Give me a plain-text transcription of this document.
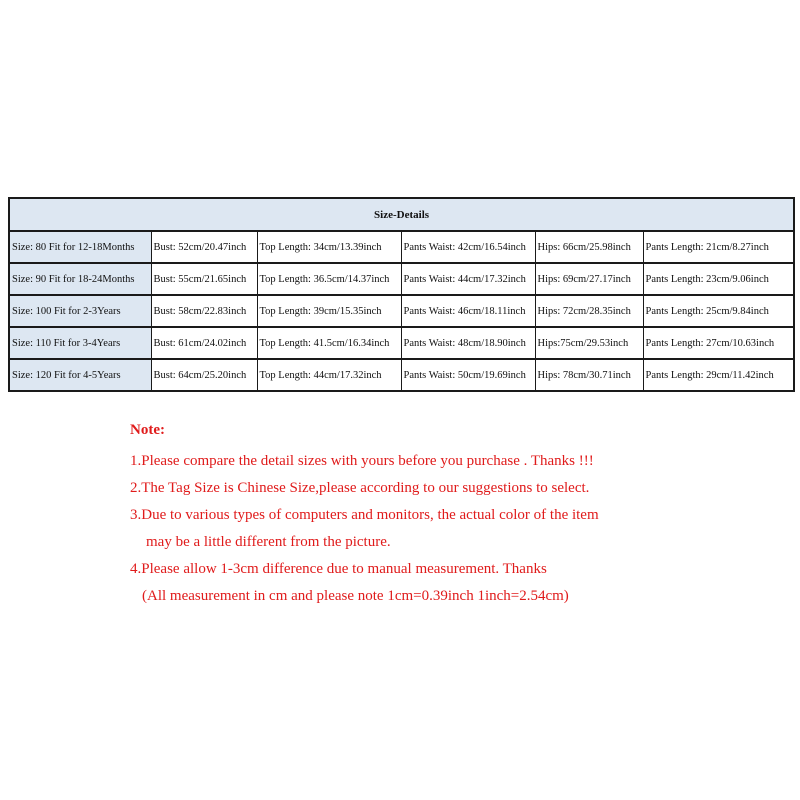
Size-Details					
Size: 80 Fit for 12-18Months	Bust: 52cm/20.47inch	Top Length: 34cm/13.39inch	Pants Waist: 42cm/16.54inch	Hips: 66cm/25.98inch	Pants Length: 21cm/8.27inch
Size: 90 Fit for 18-24Months	Bust: 55cm/21.65inch	Top Length: 36.5cm/14.37inch	Pants Waist: 44cm/17.32inch	Hips: 69cm/27.17inch	Pants Length: 23cm/9.06inch
Size: 100 Fit for 2-3Years	Bust: 58cm/22.83inch	Top Length: 39cm/15.35inch	Pants Waist: 46cm/18.11inch	Hips: 72cm/28.35inch	Pants Length: 25cm/9.84inch
Size: 110 Fit for 3-4Years	Bust: 61cm/24.02inch	Top Length: 41.5cm/16.34inch	Pants Waist: 48cm/18.90inch	Hips:75cm/29.53inch	Pants Length: 27cm/10.63inch
Size: 120 Fit for 4-5Years	Bust: 64cm/25.20inch	Top Length: 44cm/17.32inch	Pants Waist: 50cm/19.69inch	Hips: 78cm/30.71inch	Pants Length: 29cm/11.42inch

Note:

1.Please compare the detail sizes with yours before you purchase . Thanks !!!

2.The Tag Size is Chinese Size,please according to our suggestions to select.

3.Due to various types of computers and monitors, the actual color of the item

may be a little different from the picture.

4.Please allow 1-3cm difference due to manual measurement. Thanks

(All measurement in cm and please note 1cm=0.39inch 1inch=2.54cm)
